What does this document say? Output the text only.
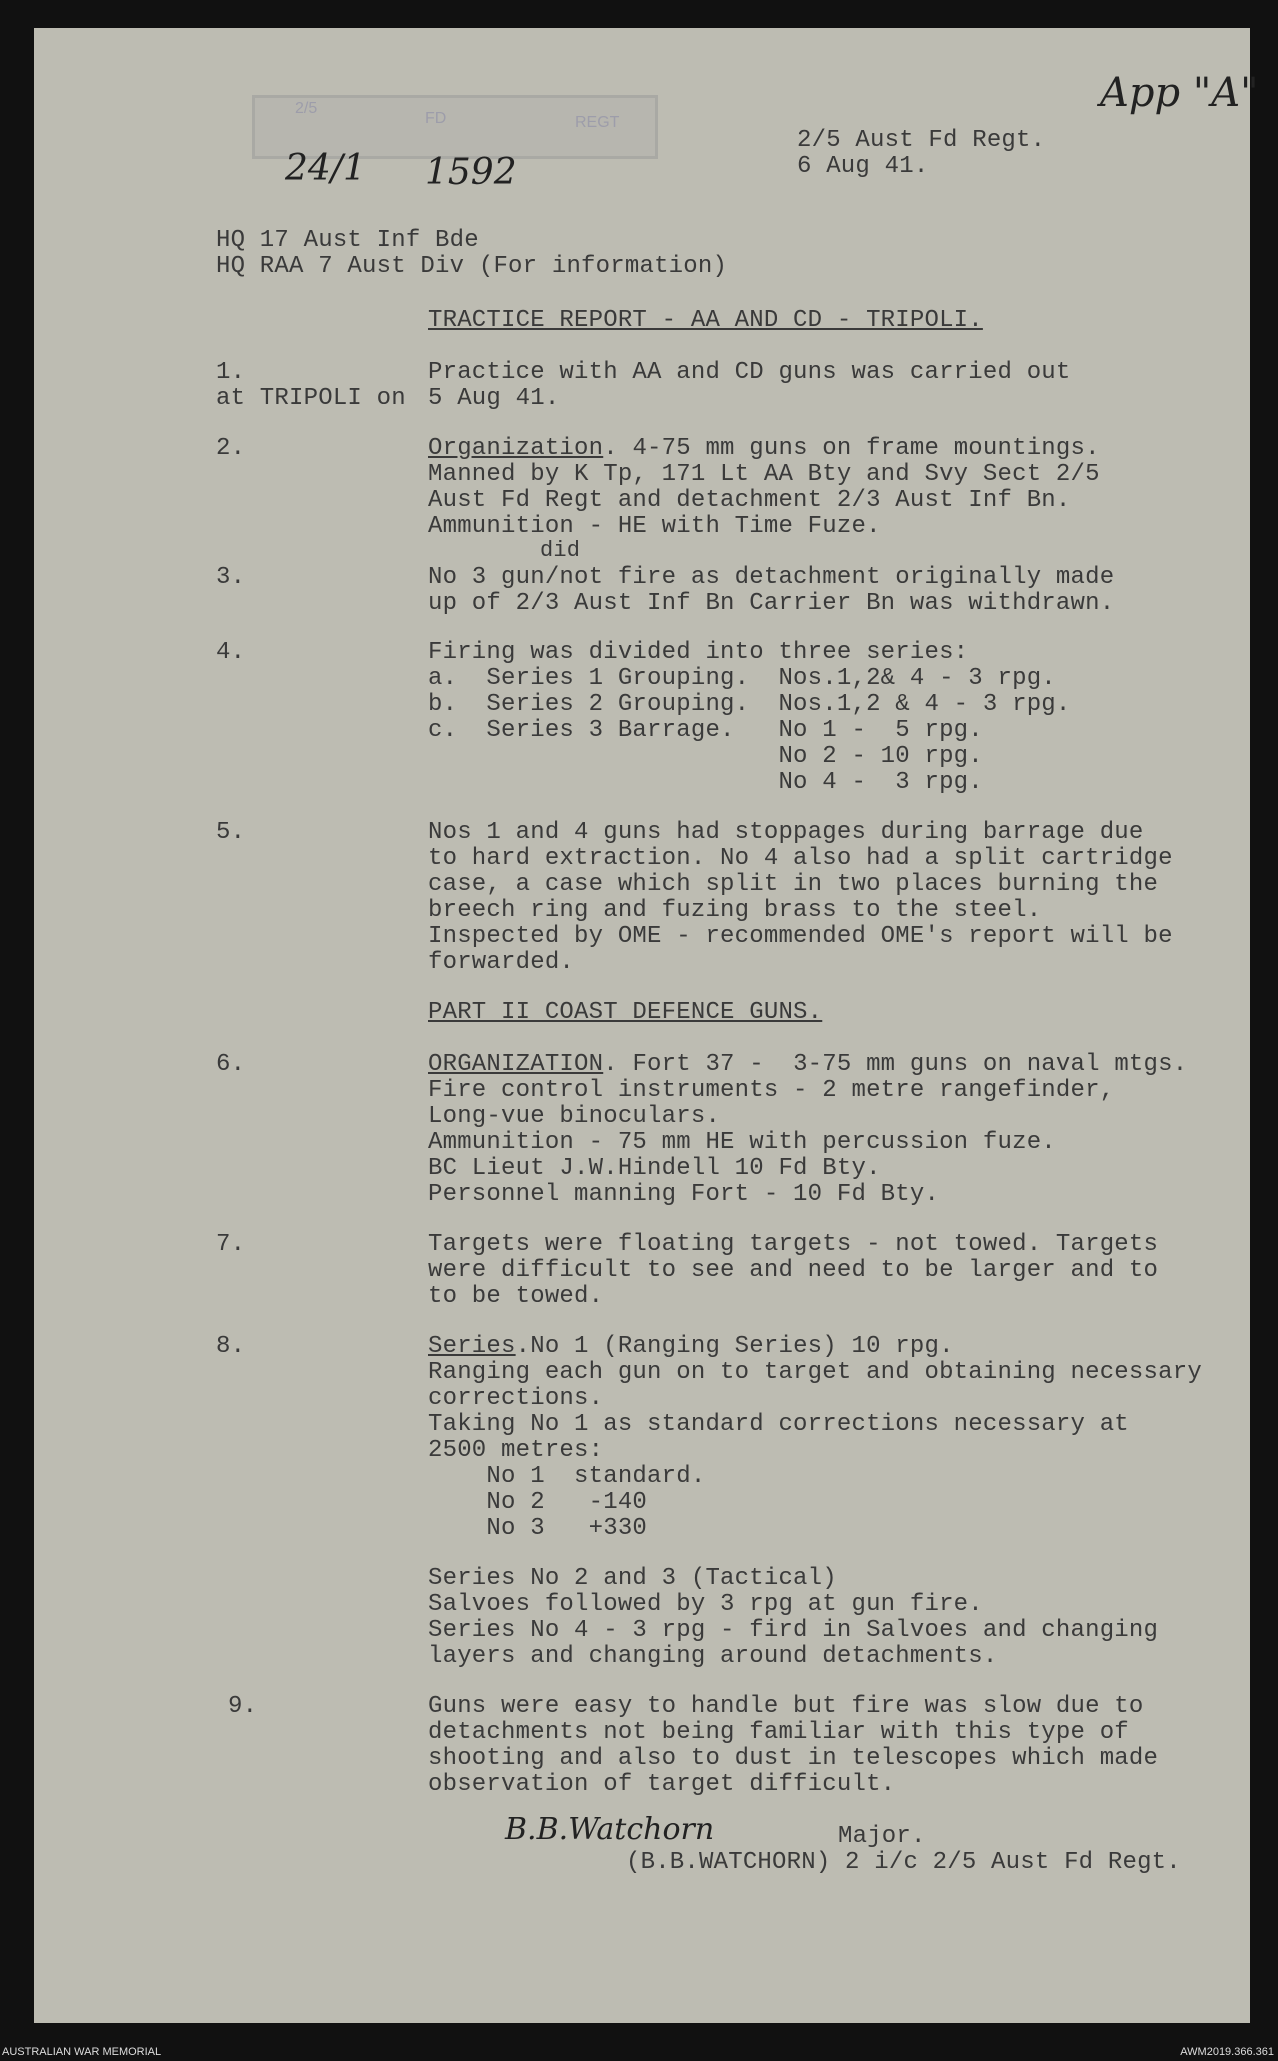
2/5
FD	REGT
App "A"
24/1 1592
2/5 Aust Fd Regt.
6 Aug 41.
HQ 17 Aust Inf Bde
HQ RAA 7 Aust Div (For information)
TRACTICE REPORT - AA AND CD - TRIPOLI.
1.	Practice with AA and CD guns was carried out
at TRIPOLI on 5 Aug 41.
2.	Organization. 4-75 mm guns on frame mountings.
Manned by K Tp, 171 Lt AA Bty and Svy Sect 2/5
Aust Fd Regt and detachment 2/3 Aust Inf Bn.
Ammunition - HE with Time Fuze.
did
3.	No 3 gun/not fire as detachment originally made
up of 2/3 Aust Inf Bn Carrier Bn was withdrawn.
4.	Firing was divided into three series:
a.  Series 1 Grouping.  Nos.1,2& 4 - 3 rpg.
b.  Series 2 Grouping.  Nos.1,2 & 4 - 3 rpg.
c.  Series 3 Barrage.   No 1 -  5 rpg.
No 2 - 10 rpg.
No 4 -  3 rpg.
5.	Nos 1 and 4 guns had stoppages during barrage due
to hard extraction. No 4 also had a split cartridge
case, a case which split in two places burning the
breech ring and fuzing brass to the steel.
Inspected by OME - recommended OME's report will be
forwarded.
PART II COAST DEFENCE GUNS.
6.	ORGANIZATION. Fort 37 -  3-75 mm guns on naval mtgs.
Fire control instruments - 2 metre rangefinder,
Long-vue binoculars.
Ammunition - 75 mm HE with percussion fuze.
BC Lieut J.W.Hindell 10 Fd Bty.
Personnel manning Fort - 10 Fd Bty.
7.	Targets were floating targets - not towed. Targets
were difficult to see and need to be larger and to
to be towed.
8.	Series.No 1 (Ranging Series) 10 rpg.
Ranging each gun on to target and obtaining necessary
corrections.
Taking No 1 as standard corrections necessary at
2500 metres:
No 1  standard.
No 2   -140
No 3   +330
Series No 2 and 3 (Tactical)
Salvoes followed by 3 rpg at gun fire.
Series No 4 - 3 rpg - fird in Salvoes and changing
layers and changing around detachments.
9.	Guns were easy to handle but fire was slow due to
detachments not being familiar with this type of
shooting and also to dust in telescopes which made
observation of target difficult.
B.B.Watchorn	Major.
(B.B.WATCHORN) 2 i/c 2/5 Aust Fd Regt.
AUSTRALIAN WAR MEMORIAL	AWM2019.366.361
